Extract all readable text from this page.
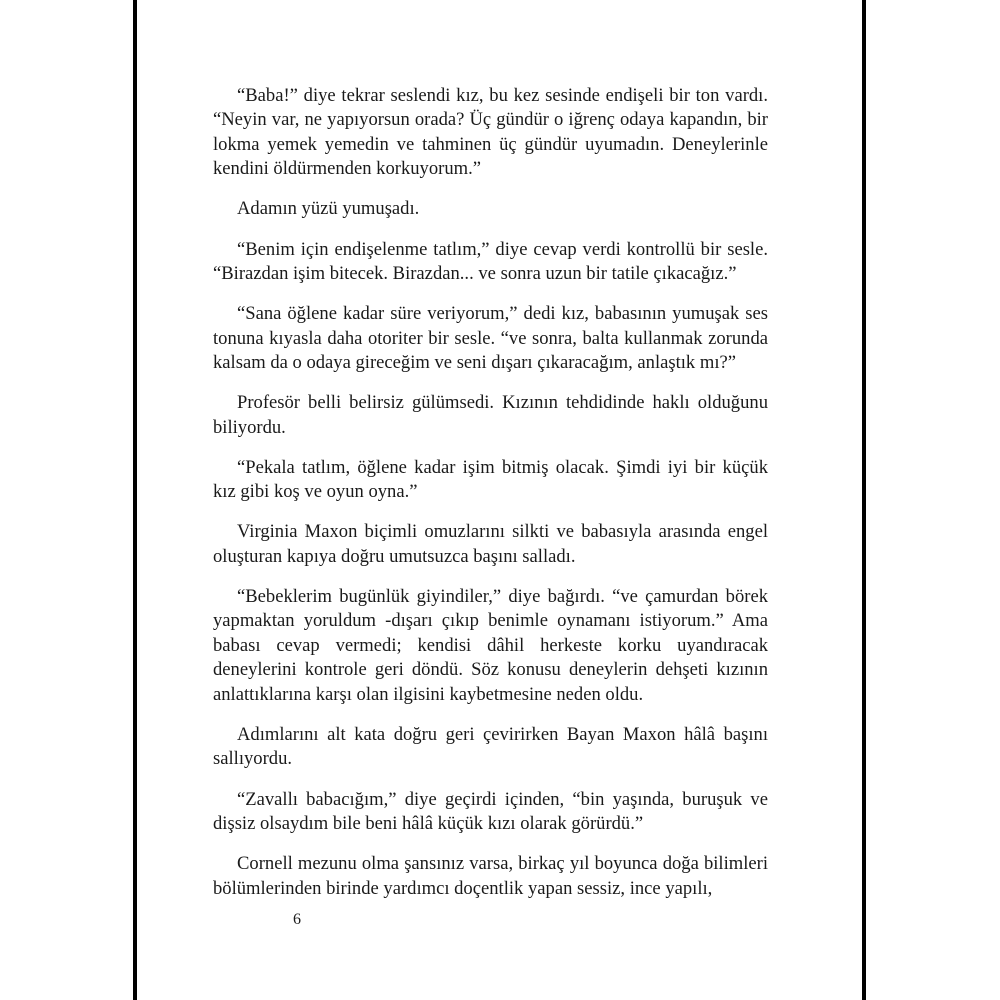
“Baba!” diye tekrar seslendi kız, bu kez sesinde endişeli bir ton vardı. “Neyin var, ne yapıyorsun orada? Üç gündür o iğrenç odaya kapandın, bir lokma yemek yemedin ve tahminen üç gündür uyumadın. Deneylerinle kendini öldürmenden korkuyorum.”

Adamın yüzü yumuşadı.

“Benim için endişelenme tatlım,” diye cevap verdi kontrollü bir sesle. “Birazdan işim bitecek. Birazdan... ve sonra uzun bir tatile çıkacağız.”

“Sana öğlene kadar süre veriyorum,” dedi kız, babasının yumuşak ses tonuna kıyasla daha otoriter bir sesle. “ve sonra, balta kullanmak zorunda kalsam da o odaya gireceğim ve seni dışarı çıkaracağım, anlaştık mı?”

Profesör belli belirsiz gülümsedi. Kızının tehdidinde haklı olduğunu biliyordu.

“Pekala tatlım, öğlene kadar işim bitmiş olacak. Şimdi iyi bir küçük kız gibi koş ve oyun oyna.”

Virginia Maxon biçimli omuzlarını silkti ve babasıyla arasında engel oluşturan kapıya doğru umutsuzca başını salladı.

“Bebeklerim bugünlük giyindiler,” diye bağırdı. “ve çamurdan börek yapmaktan yoruldum -dışarı çıkıp benimle oynamanı istiyorum.” Ama babası cevap vermedi; kendisi dâhil herkeste korku uyandıracak deneylerini kontrole geri döndü. Söz konusu deneylerin dehşeti kızının anlattıklarına karşı olan ilgisini kaybetmesine neden oldu.

Adımlarını alt kata doğru geri çevirirken Bayan Maxon hâlâ başını sallıyordu.

“Zavallı babacığım,” diye geçirdi içinden, “bin yaşında, buruşuk ve dişsiz olsaydım bile beni hâlâ küçük kızı olarak görürdü.”

Cornell mezunu olma şansınız varsa, birkaç yıl boyunca doğa bilimleri bölümlerinden birinde yardımcı doçentlik yapan sessiz, ince yapılı,

6
